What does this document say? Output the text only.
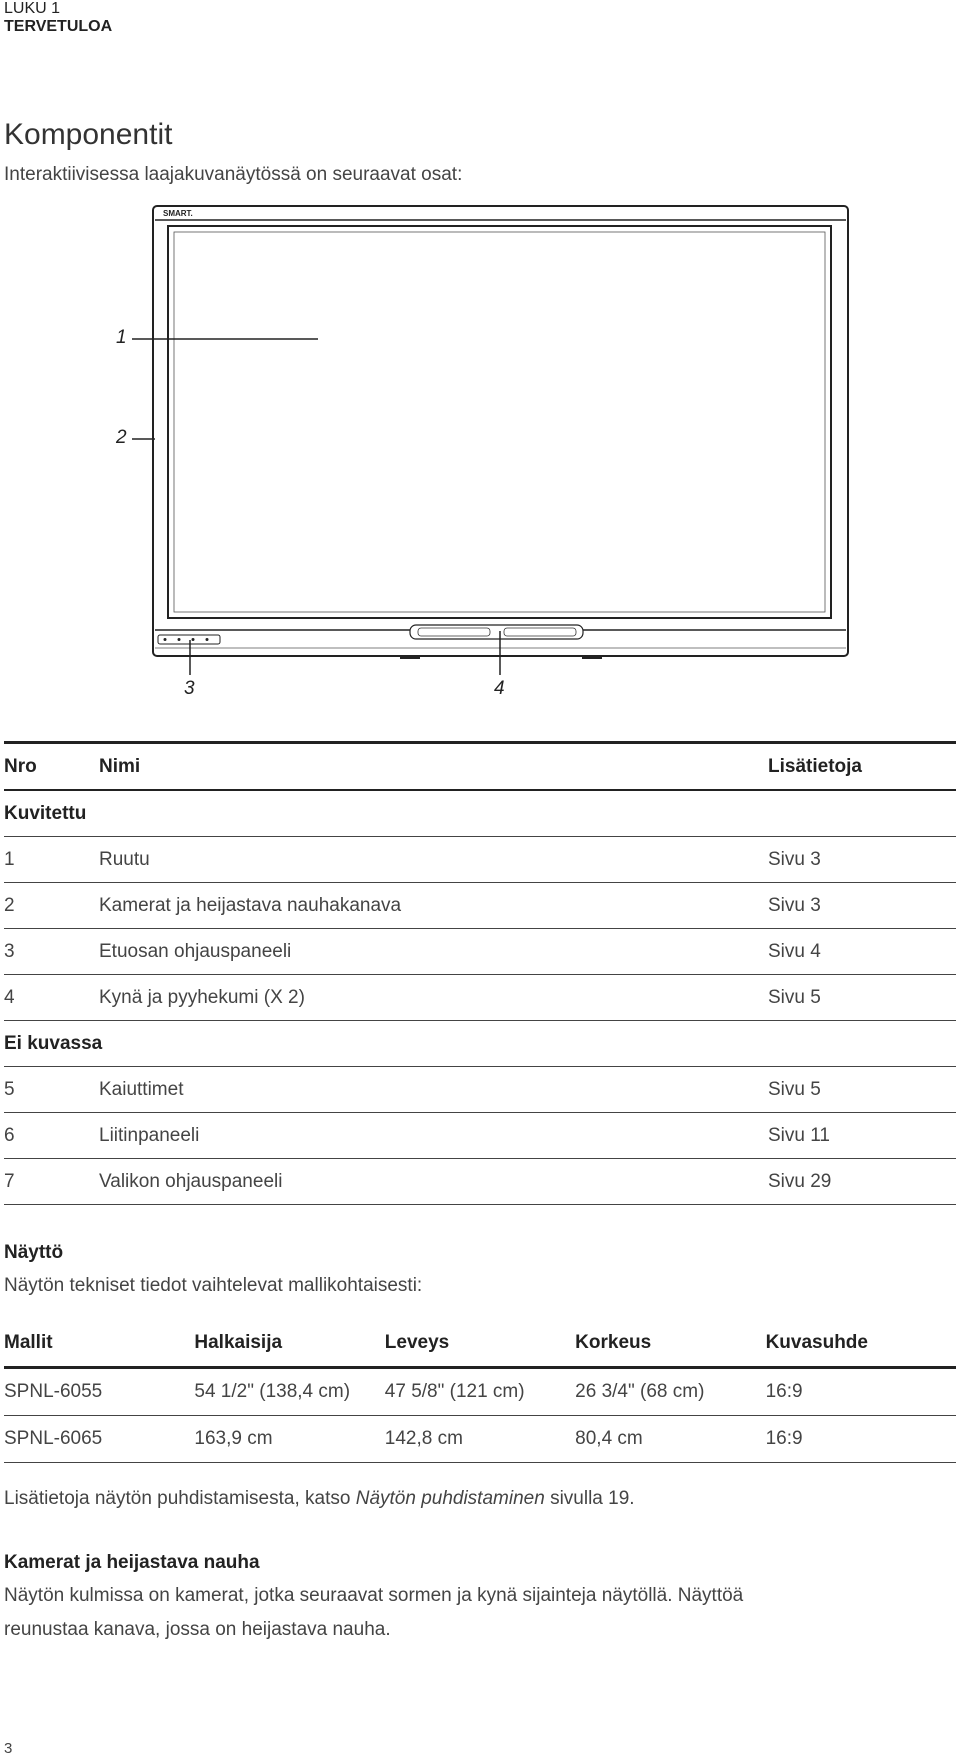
LUKU 1
TERVETULOA
Komponentit

Interaktiivisessa laajakuvanäytössä on seuraavat osat:

SMART.
1
2
3	4
Nro	Nimi	Lisätietoja
Kuvitettu		
1	Ruutu	Sivu 3
2	Kamerat ja heijastava nauhakanava	Sivu 3
3	Etuosan ohjauspaneeli	Sivu 4
4	Kynä ja pyyhekumi (X 2)	Sivu 5
Ei kuvassa		
5	Kaiuttimet	Sivu 5
6	Liitinpaneeli	Sivu 11
7	Valikon ohjauspaneeli	Sivu 29
Näyttö

Näytön tekniset tiedot vaihtelevat mallikohtaisesti:

Mallit	Halkaisija	Leveys	Korkeus	Kuvasuhde
SPNL-6055	54 1/2" (138,4 cm)	47 5/8" (121 cm)	26 3/4" (68 cm)	16:9
SPNL-6065	163,9 cm	142,8 cm	80,4 cm	16:9

Lisätietoja näytön puhdistamisesta, katso Näytön puhdistaminen sivulla 19.

Kamerat ja heijastava nauha

Näytön kulmissa on kamerat, jotka seuraavat sormen ja kynä sijainteja näytöllä. Näyttöä

reunustaa kanava, jossa on heijastava nauha.

3
